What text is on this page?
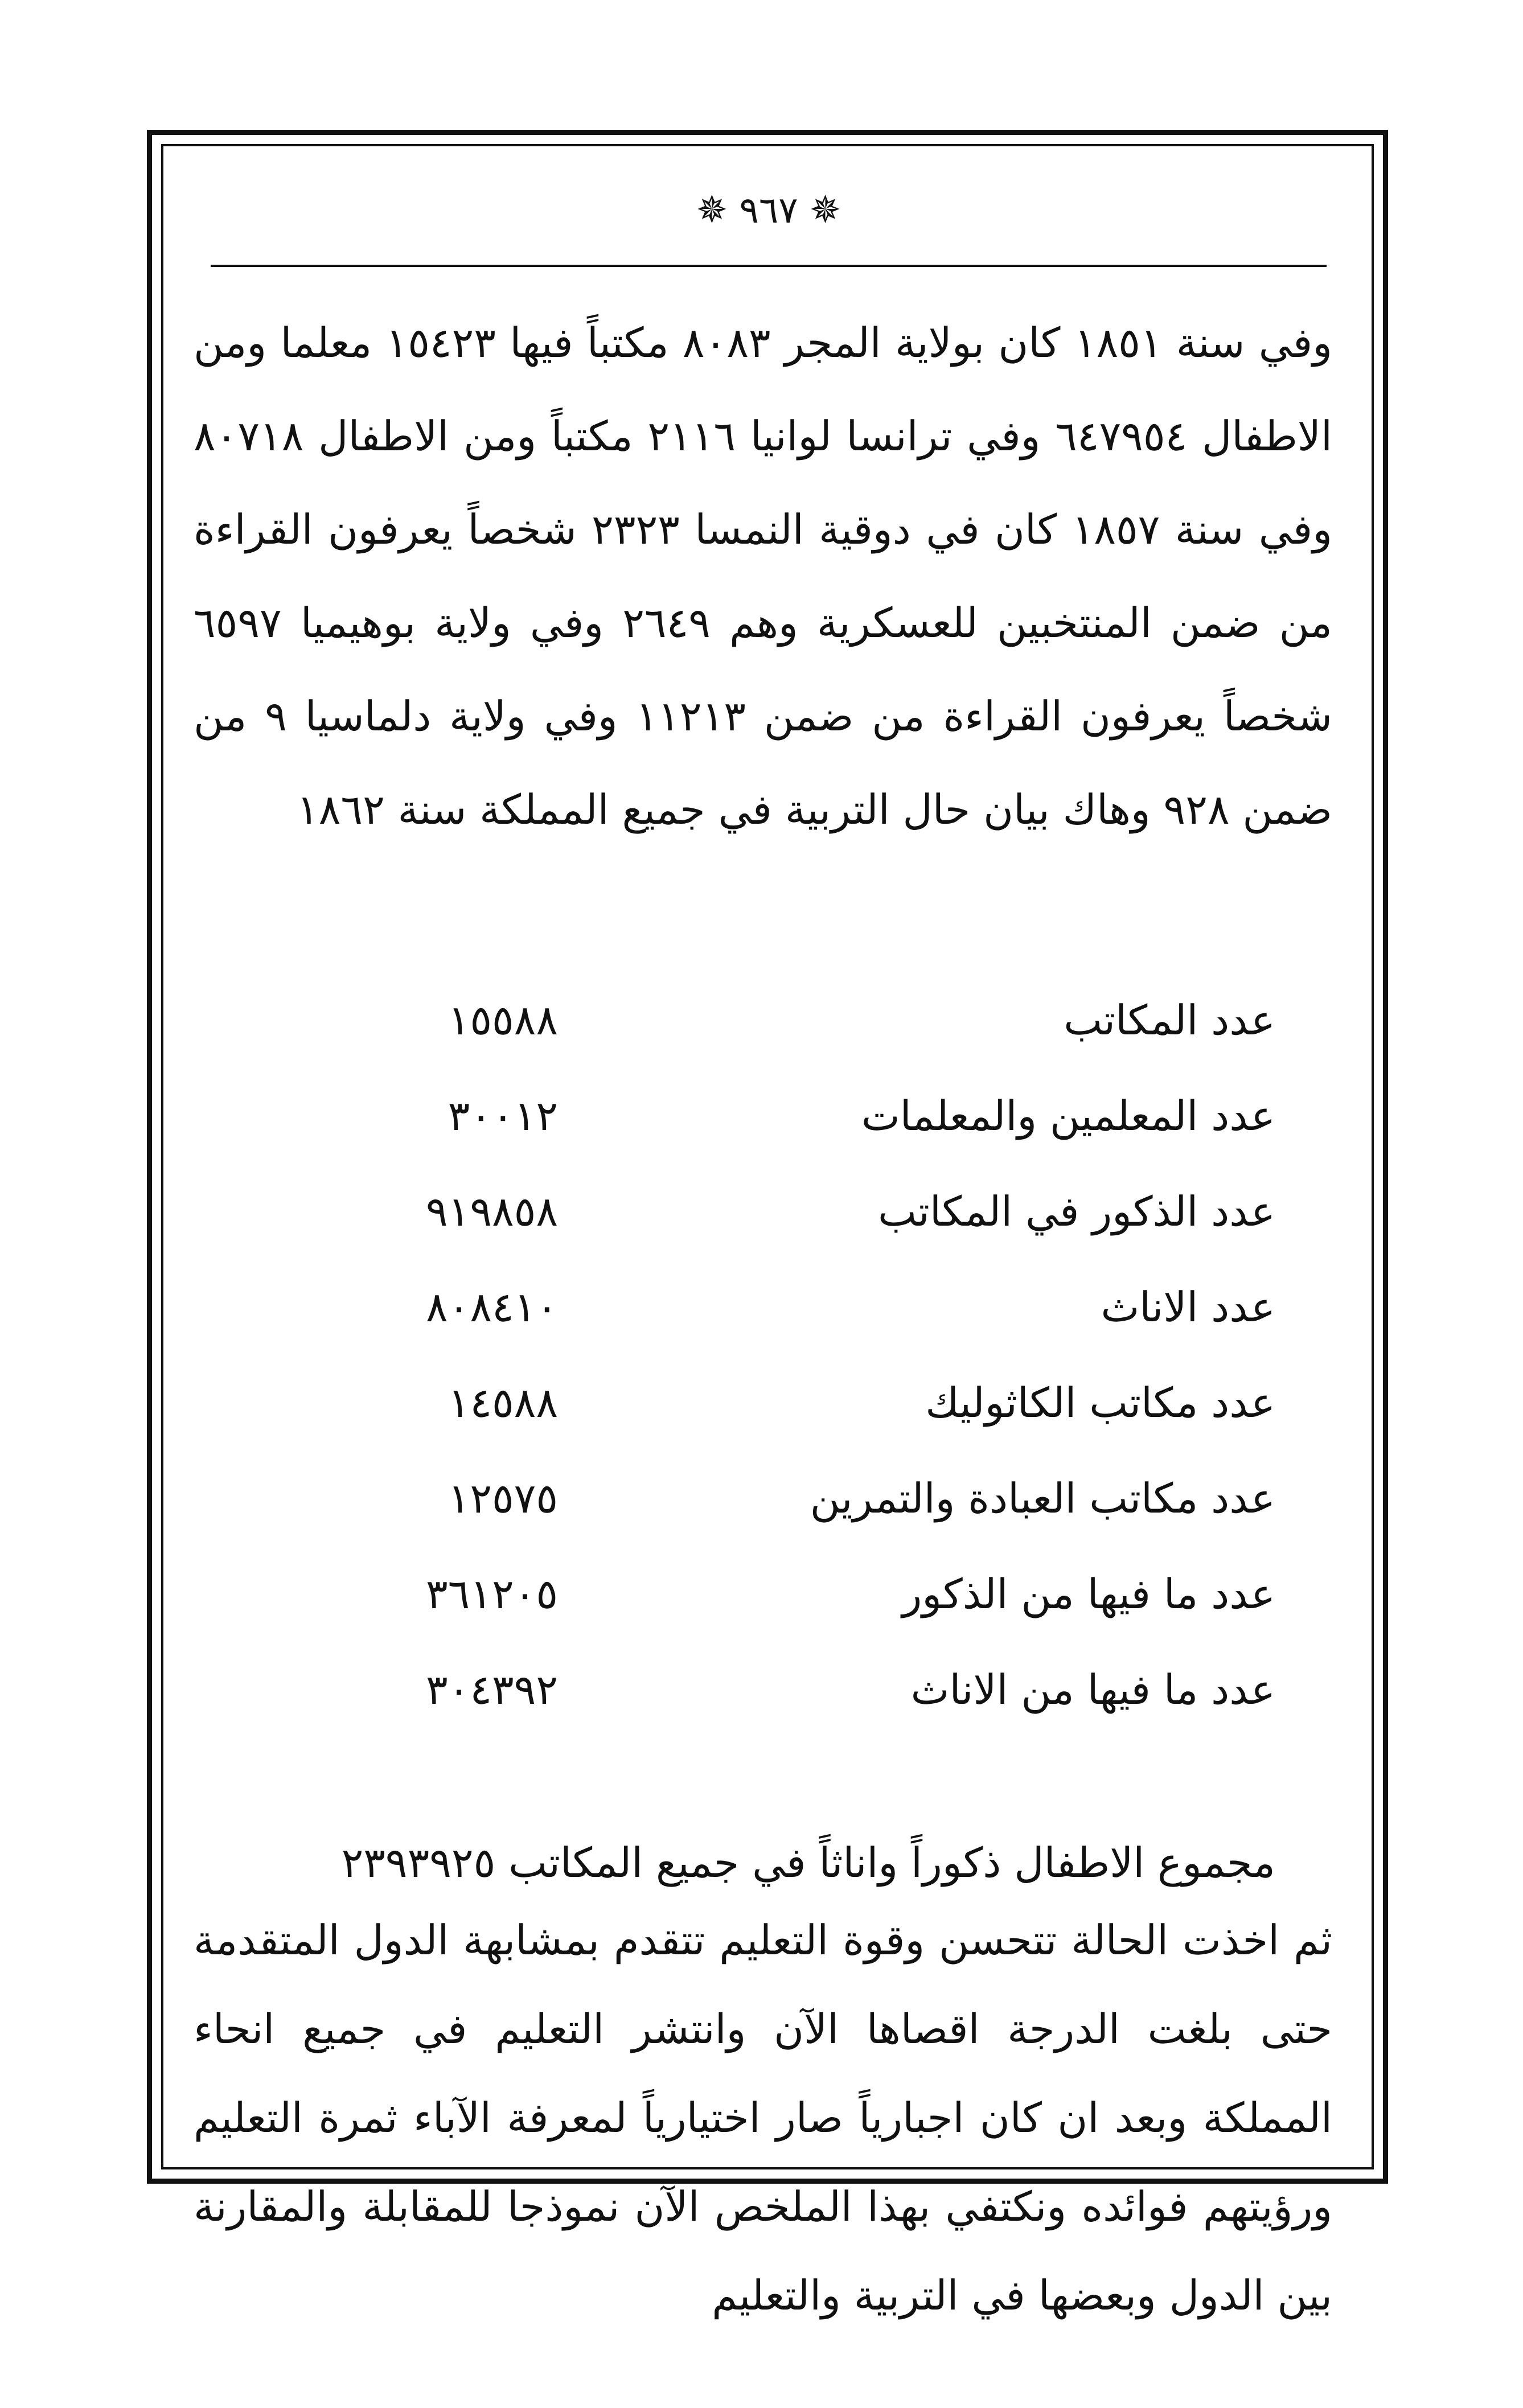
✵ ٩٦٧ ✵
وفي سنة ١٨٥١ كان بولاية المجر ٨٠٨٣ مكتباً فيها ١٥٤٢٣ معلما ومن الاطفال ٦٤٧٩٥٤ وفي ترانسا لوانيا ٢١١٦ مكتباً ومن الاطفال ٨٠٧١٨ وفي سنة ١٨٥٧ كان في دوقية النمسا ٢٣٢٣ شخصاً يعرفون القراءة من ضمن المنتخبين للعسكرية وهم ٢٦٤٩ وفي ولاية بوهيميا ٦٥٩٧ شخصاً يعرفون القراءة من ضمن ١١٢١٣ وفي ولاية دلماسيا ٩ من ضمن ٩٢٨ وهاك بيان حال التربية في جميع المملكة سنة ١٨٦٢
عدد المكاتب
١٥٥٨٨
عدد المعلمين والمعلمات
٣٠٠١٢
عدد الذكور في المكاتب
٩١٩٨٥٨
عدد الاناث
٨٠٨٤١٠
عدد مكاتب الكاثوليك
١٤٥٨٨
عدد مكاتب العبادة والتمرين
١٢٥٧٥
عدد ما فيها من الذكور
٣٦١٢٠٥
عدد ما فيها من الاناث
٣٠٤٣٩٢
مجموع الاطفال ذكوراً واناثاً في جميع المكاتب ٢٣٩٣٩٢٥
ثم اخذت الحالة تتحسن وقوة التعليم تتقدم بمشابهة الدول المتقدمة حتى بلغت الدرجة اقصاها الآن وانتشر التعليم في جميع انحاء المملكة وبعد ان كان اجبارياً صار اختيارياً لمعرفة الآباء ثمرة التعليم ورؤيتهم فوائده ونكتفي بهذا الملخص الآن نموذجا للمقابلة والمقارنة بين الدول وبعضها في التربية والتعليم
